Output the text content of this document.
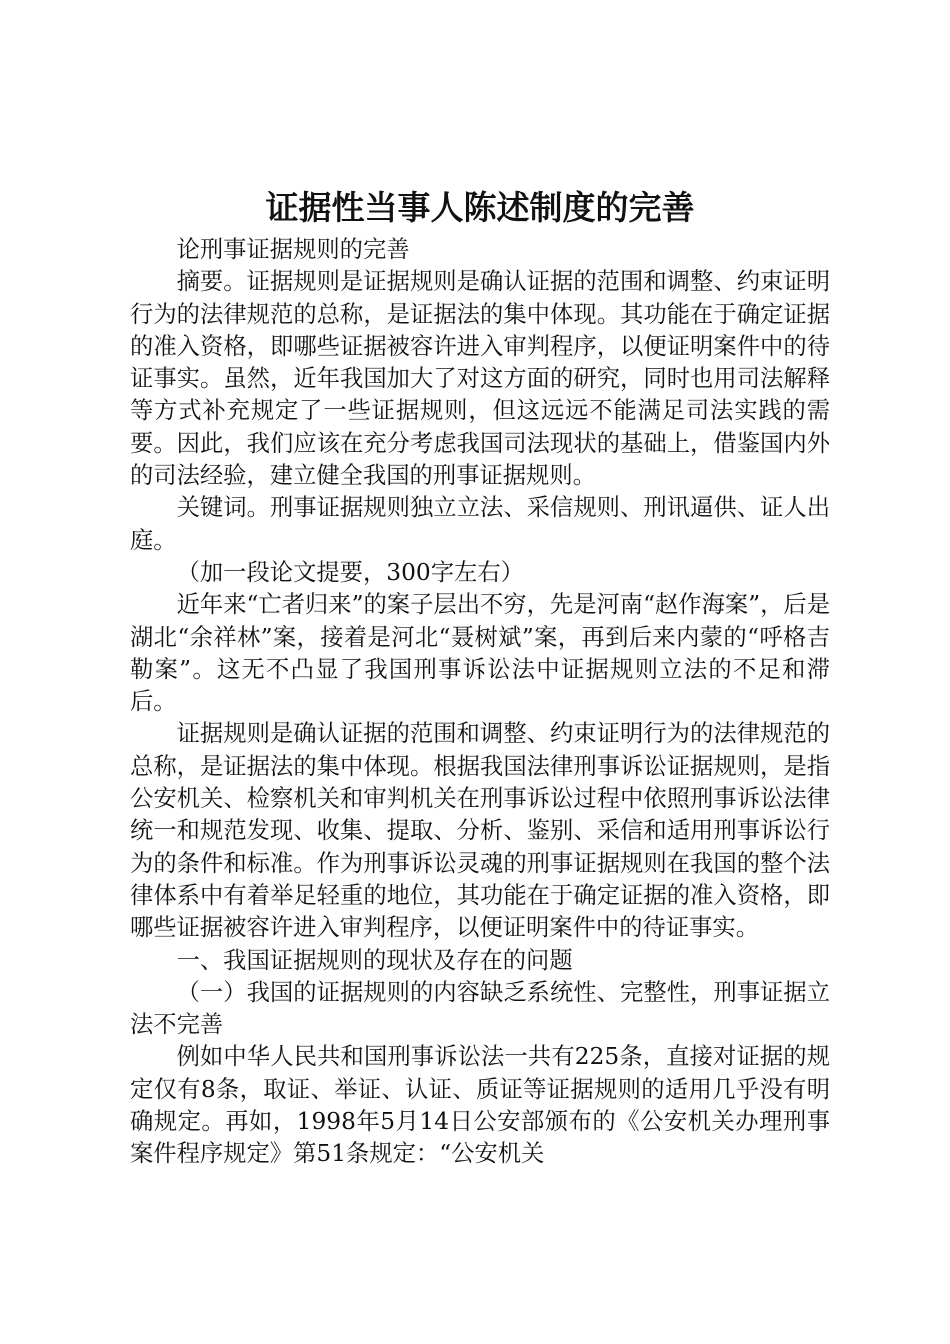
证据性当事人陈述制度的完善

论刑事证据规则的完善

摘要。证据规则是证据规则是确认证据的范围和调整、约束证明行为的法律规范的总称，是证据法的集中体现。其功能在于确定证据的准入资格，即哪些证据被容许进入审判程序，以便证明案件中的待证事实。虽然，近年我国加大了对这方面的研究，同时也用司法解释等方式补充规定了一些证据规则，但这远远不能满足司法实践的需要。因此，我们应该在充分考虑我国司法现状的基础上，借鉴国内外的司法经验，建立健全我国的刑事证据规则。

关键词。刑事证据规则独立立法、采信规则、刑讯逼供、证人出庭。

（加一段论文提要，300字左右）

近年来“亡者归来”的案子层出不穷，先是河南“赵作海案”，后是湖北“余祥林”案，接着是河北“聂树斌”案，再到后来内蒙的“呼格吉勒案”。这无不凸显了我国刑事诉讼法中证据规则立法的不足和滞后。

证据规则是确认证据的范围和调整、约束证明行为的法律规范的总称，是证据法的集中体现。根据我国法律刑事诉讼证据规则，是指公安机关、检察机关和审判机关在刑事诉讼过程中依照刑事诉讼法律统一和规范发现、收集、提取、分析、鉴别、采信和适用刑事诉讼行为的条件和标准。作为刑事诉讼灵魂的刑事证据规则在我国的整个法律体系中有着举足轻重的地位，其功能在于确定证据的准入资格，即哪些证据被容许进入审判程序，以便证明案件中的待证事实。

一、我国证据规则的现状及存在的问题

（一）我国的证据规则的内容缺乏系统性、完整性，刑事证据立法不完善

例如中华人民共和国刑事诉讼法一共有225条，直接对证据的规定仅有8条，取证、举证、认证、质证等证据规则的适用几乎没有明确规定。再如，1998年5月14日公安部颁布的《公安机关办理刑事案件程序规定》第51条规定：“公安机关
